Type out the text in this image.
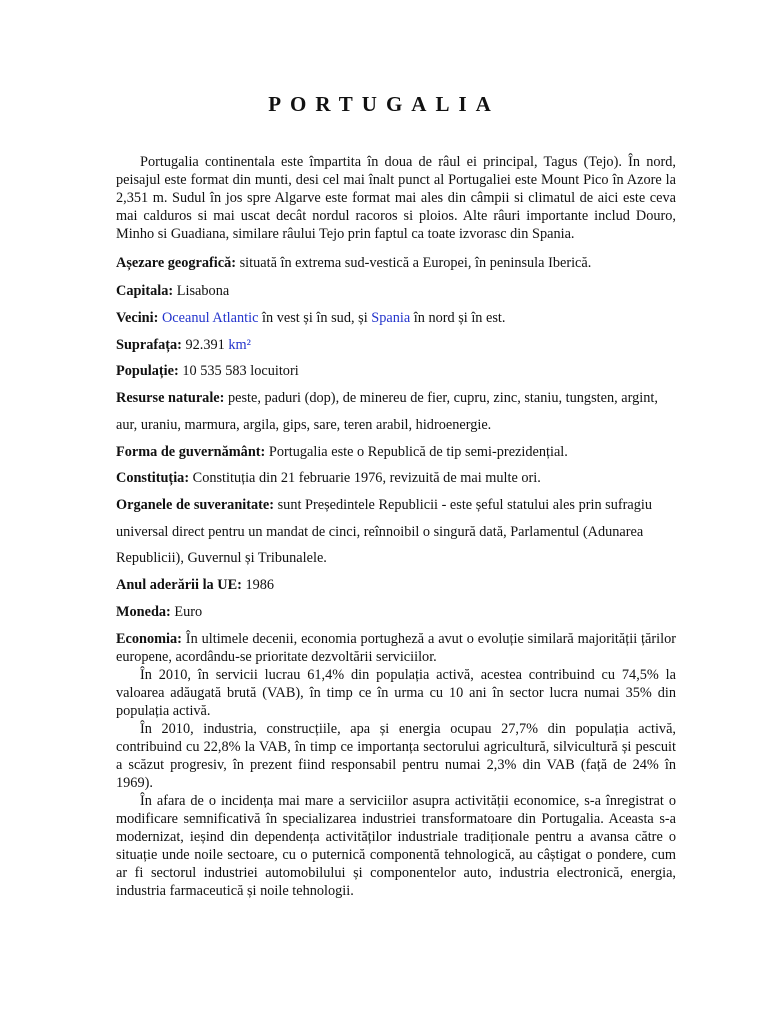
PORTUGALIA

Portugalia continentala este împartita în doua de râul ei principal, Tagus (Tejo). În nord, peisajul este format din munti, desi cel mai înalt punct al Portugaliei este Mount Pico în Azore la 2,351 m. Sudul în jos spre Algarve este format mai ales din câmpii si climatul de aici este ceva mai calduros si mai uscat decât nordul racoros si ploios. Alte râuri importante includ Douro, Minho si Guadiana, similare râului Tejo prin faptul ca toate izvorasc din Spania.

Așezare geografică: situată în extrema sud-vestică a Europei, în peninsula Iberică.

Capitala: Lisabona

Vecini: Oceanul Atlantic în vest și în sud, și Spania în nord și în est.

Suprafața: 92.391 km²

Populație: 10 535 583 locuitori

Resurse naturale: peste, paduri (dop), de minereu de fier, cupru, zinc, staniu, tungsten, argint,

aur, uraniu, marmura, argila, gips, sare, teren arabil, hidroenergie.

Forma de guvernământ: Portugalia este o Republică de tip semi-prezidențial.

Constituția: Constituția din 21 februarie 1976, revizuită de mai multe ori.

Organele de suveranitate: sunt Președintele Republicii - este șeful statului ales prin sufragiu

universal direct pentru un mandat de cinci, reînnoibil o singură dată, Parlamentul (Adunarea

Republicii), Guvernul și Tribunalele.

Anul aderării la UE: 1986

Moneda: Euro

Economia: În ultimele decenii, economia portugheză a avut o evoluție similară majorității țărilor europene, acordându-se prioritate dezvoltării serviciilor.

În 2010, în servicii lucrau 61,4% din populația activă, acestea contribuind cu 74,5% la valoarea adăugată brută (VAB), în timp ce în urma cu 10 ani în sector lucra numai 35% din populația activă.

În 2010, industria, construcțiile, apa și energia ocupau 27,7% din populația activă, contribuind cu 22,8% la VAB, în timp ce importanța sectorului agricultură, silvicultură și pescuit a scăzut progresiv, în prezent fiind responsabil pentru numai 2,3% din VAB (față de 24% în 1969).

În afara de o incidența mai mare a serviciilor asupra activității economice, s-a înregistrat o modificare semnificativă în specializarea industriei transformatoare din Portugalia. Aceasta s-a modernizat, ieșind din dependența activităților industriale tradiționale pentru a avansa către o situație unde noile sectoare, cu o puternică componentă tehnologică, au câștigat o pondere, cum ar fi sectorul industriei automobilului și componentelor auto, industria electronică, energia, industria farmaceutică și noile tehnologii.
